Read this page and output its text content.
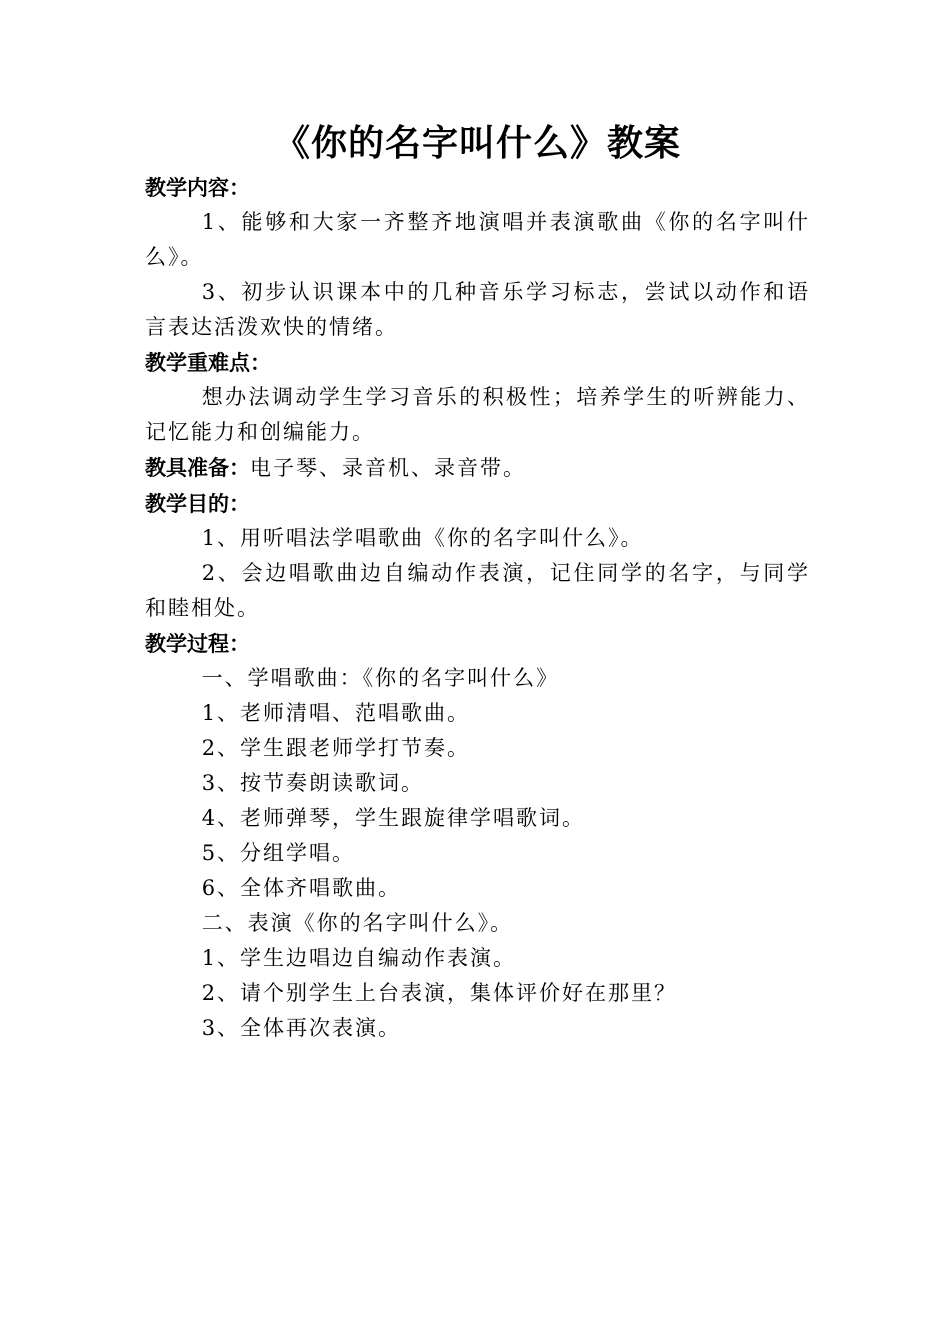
《你的名字叫什么》教案

教学内容：

1、能够和大家一齐整齐地演唱并表演歌曲《你的名字叫什么》。

3、初步认识课本中的几种音乐学习标志，尝试以动作和语言表达活泼欢快的情绪。

教学重难点：

想办法调动学生学习音乐的积极性；培养学生的听辨能力、记忆能力和创编能力。

教具准备：电子琴、录音机、录音带。

教学目的：

1、用听唱法学唱歌曲《你的名字叫什么》。

2、会边唱歌曲边自编动作表演，记住同学的名字，与同学和睦相处。

教学过程：

一、学唱歌曲：《你的名字叫什么》

1、老师清唱、范唱歌曲。

2、学生跟老师学打节奏。

3、按节奏朗读歌词。

4、老师弹琴，学生跟旋律学唱歌词。

5、分组学唱。

6、全体齐唱歌曲。

二、表演《你的名字叫什么》。

1、学生边唱边自编动作表演。

2、请个别学生上台表演，集体评价好在那里？

3、全体再次表演。
